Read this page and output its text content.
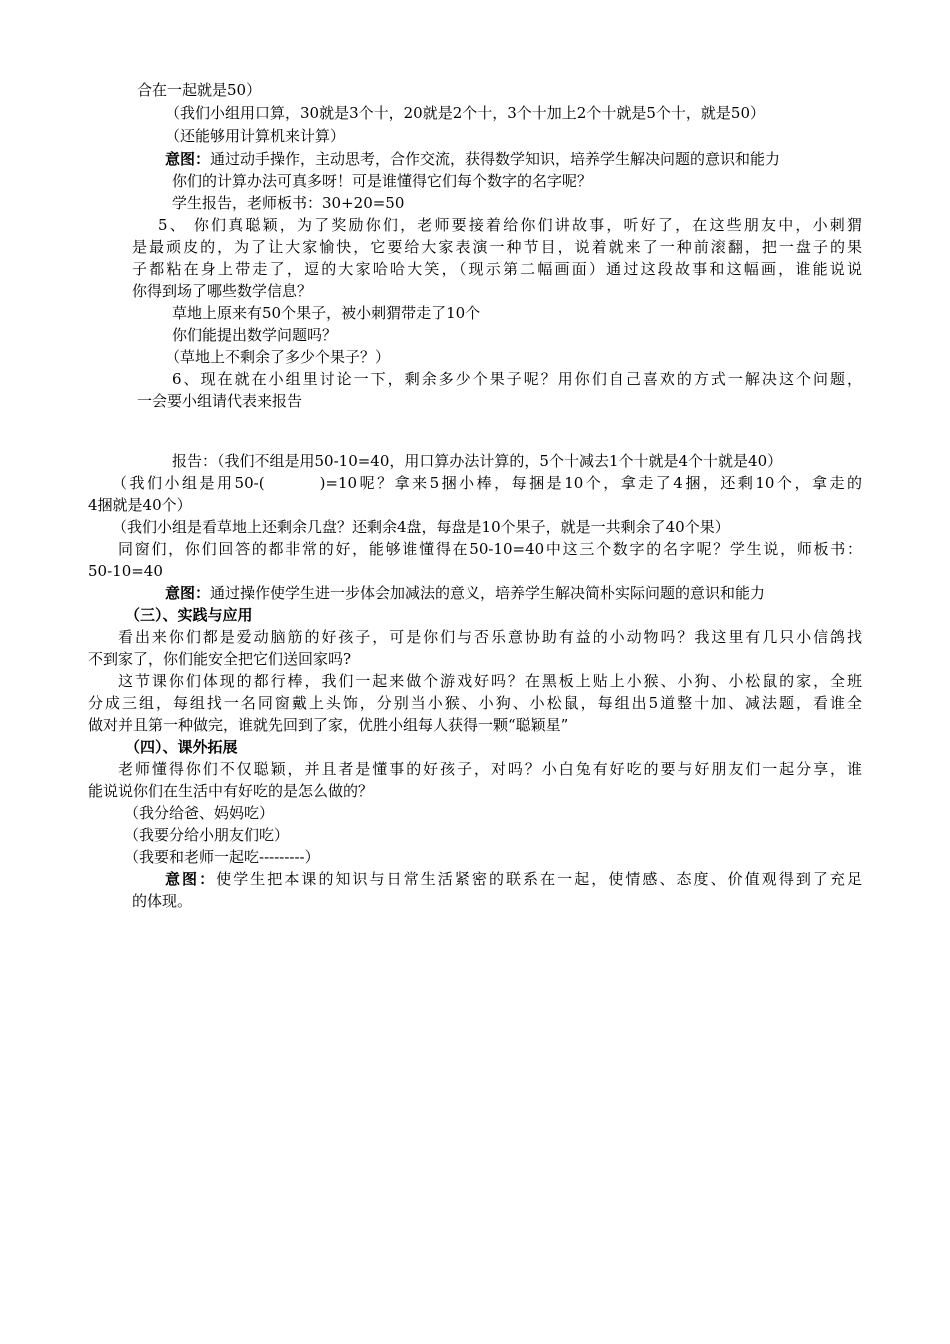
合在一起就是50）
（我们小组用口算，30就是3个十，20就是2个十，3个十加上2个十就是5个十，就是50）
（还能够用计算机来计算）
意图：通过动手操作，主动思考，合作交流，获得数学知识，培养学生解决问题的意识和能力
你们的计算办法可真多呀！可是谁懂得它们每个数字的名字呢？
学生报告，老师板书：30+20=50
5、 你们真聪颖，为了奖励你们，老师要接着给你们讲故事，听好了，在这些朋友中，小刺猬
是最顽皮的，为了让大家愉快，它要给大家表演一种节目，说着就来了一种前滚翻，把一盘子的果
子都粘在身上带走了，逗的大家哈哈大笑，（现示第二幅画面）通过这段故事和这幅画，谁能说说
你得到场了哪些数学信息？
草地上原来有50个果子，被小刺猬带走了10个
你们能提出数学问题吗？
（草地上不剩余了多少个果子？）
6、现在就在小组里讨论一下，剩余多少个果子呢？用你们自己喜欢的方式一解决这个问题，
一会要小组请代表来报告
报告：（我们不组是用50-10=40，用口算办法计算的，5个十减去1个十就是4个十就是40）
（我们小组是用50-(　　　)=10呢？拿来5捆小棒，每捆是10个，拿走了4捆，还剩10个，拿走的
4捆就是40个）
（我们小组是看草地上还剩余几盘？还剩余4盘，每盘是10个果子，就是一共剩余了40个果）
同窗们，你们回答的都非常的好，能够谁懂得在50-10=40中这三个数字的名字呢？学生说，师板书：
50-10=40
意图：通过操作使学生进一步体会加减法的意义，培养学生解决简朴实际问题的意识和能力
（三）、实践与应用
看出来你们都是爱动脑筋的好孩子，可是你们与否乐意协助有益的小动物吗？我这里有几只小信鸽找
不到家了，你们能安全把它们送回家吗?
这节课你们体现的都行棒，我们一起来做个游戏好吗？在黑板上贴上小猴、小狗、小松鼠的家，全班
分成三组，每组找一名同窗戴上头饰，分别当小猴、小狗、小松鼠，每组出5道整十加、减法题，看谁全
做对并且第一种做完，谁就先回到了家，优胜小组每人获得一颗“聪颖星”
（四）、课外拓展
老师懂得你们不仅聪颖，并且者是懂事的好孩子，对吗？小白兔有好吃的要与好朋友们一起分享，谁
能说说你们在生活中有好吃的是怎么做的？
（我分给爸、妈妈吃）
（我要分给小朋友们吃）
（我要和老师一起吃---------）
意图：使学生把本课的知识与日常生活紧密的联系在一起，使情感、态度、价值观得到了充足
的体现。
